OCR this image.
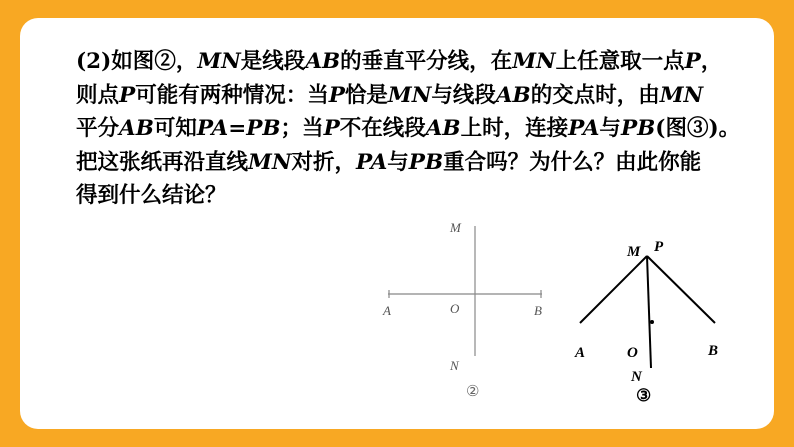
(2)如图②，MN是线段AB的垂直平分线，在MN上任意取一点P，
则点P可能有两种情况：当P恰是MN与线段AB的交点时，由MN
平分AB可知PA=PB；当P不在线段AB上时，连接PA与PB(图③)。
把这张纸再沿直线MN对折，PA与PB重合吗？为什么？由此你能
得到什么结论？
M
A	O	B
N
②
M P
A	O	B
N
③
